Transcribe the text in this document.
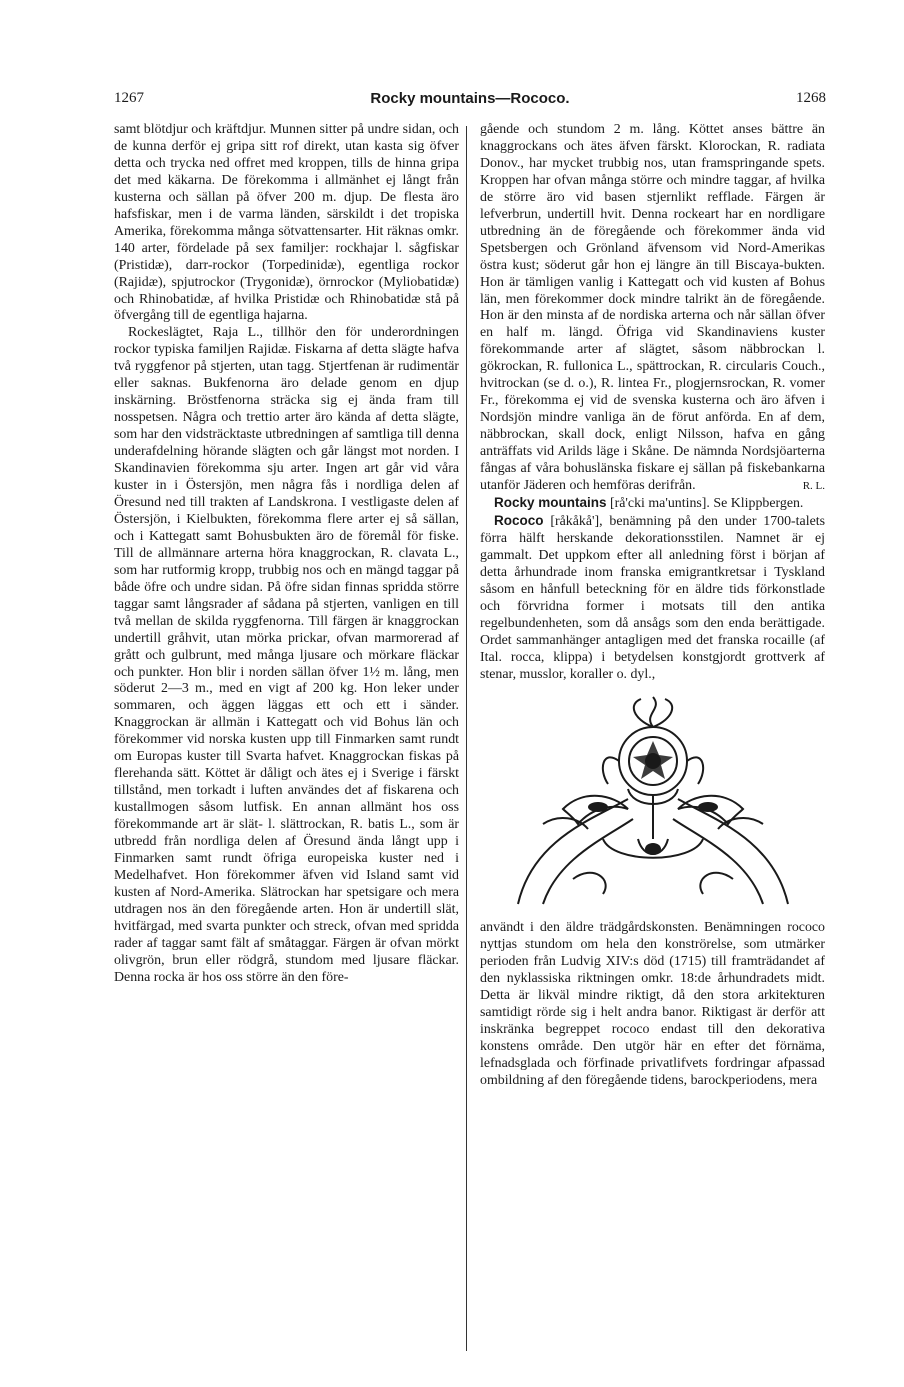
1267	Rocky mountains—Rococo.	1268

samt blötdjur och kräftdjur. Munnen sitter på undre sidan, och de kunna derför ej gripa sitt rof direkt, utan kasta sig öfver detta och trycka ned offret med kroppen, tills de hinna gripa det med käkarna. De förekomma i allmänhet ej långt från kusterna och sällan på öfver 200 m. djup. De flesta äro hafsfiskar, men i de varma länden, särskildt i det tropiska Amerika, förekomma många sötvattensarter. Hit räknas omkr. 140 arter, fördelade på sex familjer: rockhajar l. sågfiskar (Pristidæ), darr-rockor (Torpedinidæ), egentliga rockor (Rajidæ), spjutrockor (Trygonidæ), örnrockor (Myliobatidæ) och Rhinobatidæ, af hvilka Pristidæ och Rhinobatidæ stå på öfvergång till de egentliga hajarna.

Rockeslägtet, Raja L., tillhör den för underordningen rockor typiska familjen Rajidæ. Fiskarna af detta slägte hafva två ryggfenor på stjerten, utan tagg. Stjertfenan är rudimentär eller saknas. Bukfenorna äro delade genom en djup inskärning. Bröstfenorna sträcka sig ej ända fram till nosspetsen. Några och trettio arter äro kända af detta slägte, som har den vidsträcktaste utbredningen af samtliga till denna underafdelning hörande slägten och går längst mot norden. I Skandinavien förekomma sju arter. Ingen art går vid våra kuster in i Östersjön, men några fås i nordliga delen af Öresund ned till trakten af Landskrona. I vestligaste delen af Östersjön, i Kielbukten, förekomma flere arter ej så sällan, och i Kattegatt samt Bohusbukten äro de föremål för fiske. Till de allmännare arterna höra knaggrockan, R. clavata L., som har rutformig kropp, trubbig nos och en mängd taggar på både öfre och undre sidan. På öfre sidan finnas spridda större taggar samt långsrader af sådana på stjerten, vanligen en till två mellan de skilda ryggfenorna. Till färgen är knaggrockan undertill gråhvit, utan mörka prickar, ofvan marmorerad af grått och gulbrunt, med många ljusare och mörkare fläckar och punkter. Hon blir i norden sällan öfver 1½ m. lång, men söderut 2—3 m., med en vigt af 200 kg. Hon leker under sommaren, och äggen läggas ett och ett i sänder. Knaggrockan är allmän i Kattegatt och vid Bohus län och förekommer vid norska kusten upp till Finmarken samt rundt om Europas kuster till Svarta hafvet. Knaggrockan fiskas på flerehanda sätt. Köttet är dåligt och ätes ej i Sverige i färskt tillstånd, men torkadt i luften användes det af fiskarena och kustallmogen såsom lutfisk. En annan allmänt hos oss förekommande art är slät- l. slättrockan, R. batis L., som är utbredd från nordliga delen af Öresund ända långt upp i Finmarken samt rundt öfriga europeiska kuster ned i Medelhafvet. Hon förekommer äfven vid Island samt vid kusten af Nord-Amerika. Slätrockan har spetsigare och mera utdragen nos än den föregående arten. Hon är undertill slät, hvitfärgad, med svarta punkter och streck, ofvan med spridda rader af taggar samt fält af småtaggar. Färgen är ofvan mörkt olivgrön, brun eller rödgrå, stundom med ljusare fläckar. Denna rocka är hos oss större än den före-

gående och stundom 2 m. lång. Köttet anses bättre än knaggrockans och ätes äfven färskt. Klorockan, R. radiata Donov., har mycket trubbig nos, utan framspringande spets. Kroppen har ofvan många större och mindre taggar, af hvilka de större äro vid basen stjernlikt refflade. Färgen är lefverbrun, undertill hvit. Denna rockeart har en nordligare utbredning än de föregående och förekommer ända vid Spetsbergen och Grönland äfvensom vid Nord-Amerikas östra kust; söderut går hon ej längre än till Biscaya-bukten. Hon är tämligen vanlig i Kattegatt och vid kusten af Bohus län, men förekommer dock mindre talrikt än de föregående. Hon är den minsta af de nordiska arterna och når sällan öfver en half m. längd. Öfriga vid Skandinaviens kuster förekommande arter af slägtet, såsom näbbrockan l. gökrockan, R. fullonica L., spättrockan, R. circularis Couch., hvitrockan (se d. o.), R. lintea Fr., plogjernsrockan, R. vomer Fr., förekomma ej vid de svenska kusterna och äro äfven i Nordsjön mindre vanliga än de förut anförda. En af dem, näbbrockan, skall dock, enligt Nilsson, hafva en gång anträffats vid Arilds läge i Skåne. De nämnda Nordsjöarterna fångas af våra bohuslänska fiskare ej sällan på fiskebankarna utanför Jäderen och hemföras derifrån.	R. L.

Rocky mountains [rå'cki ma'untins]. Se Klippbergen.

Rococo [råkåkå'], benämning på den under 1700-talets förra hälft herskande dekorationsstilen. Namnet är ej gammalt. Det uppkom efter all anledning först i början af detta århundrade inom franska emigrantkretsar i Tyskland såsom en hånfull beteckning för en äldre tids förkonstlade och förvridna former i motsats till den antika regelbundenheten, som då ansågs som den enda berättigade. Ordet sammanhänger antagligen med det franska rocaille (af Ital. rocca, klippa) i betydelsen konstgjordt grottverk af stenar, musslor, koraller o. dyl.,

användt i den äldre trädgårdskonsten. Benämningen rococo nyttjas stundom om hela den konströrelse, som utmärker perioden från Ludvig XIV:s död (1715) till framträdandet af den nyklassiska riktningen omkr. 18:de århundradets midt. Detta är likväl mindre riktigt, då den stora arkitekturen samtidigt rörde sig i helt andra banor. Riktigast är derför att inskränka begreppet rococo endast till den dekorativa konstens område. Den utgör här en efter det förnäma, lefnadsglada och förfinade privatlifvets fordringar afpassad ombildning af den föregående tidens, barockperiodens, mera
